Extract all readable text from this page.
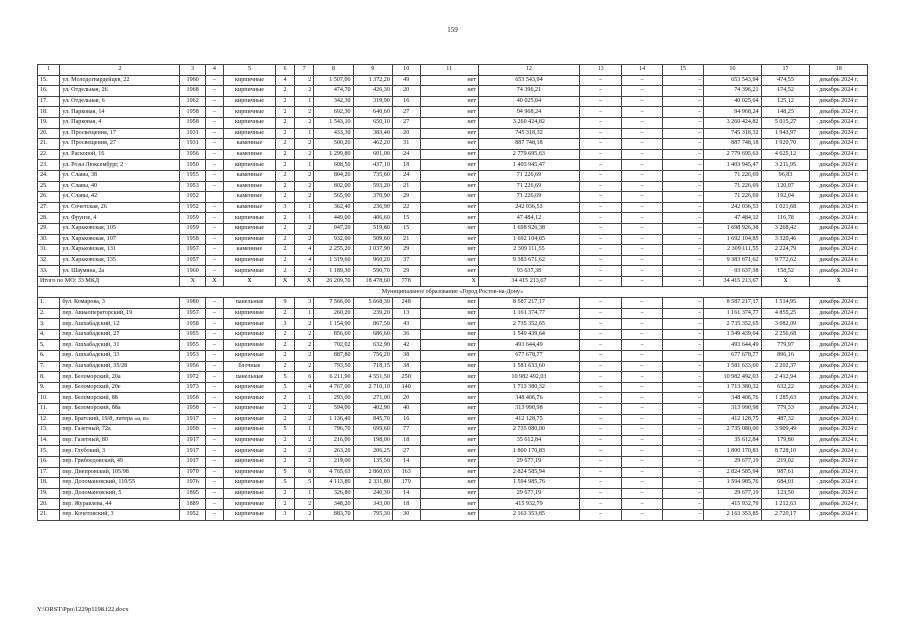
159
1	2	3	4	5	6	7	8	9	10	11	12	13	14	15	16	17	18
15.	ул. Молодогвардейцев, 22	1960	–	кирпичные	4	2	1 507,00	1 372,20	49	нет	653 543,94	–	–	–	653 543,94	474,55	декабрь 2024 г.
16.	ул. Отдельная, 26	1968	–	кирпичные	2	2	474,70	426,30	20	нет	74 396,21	–	–	–	74 396,21	174,52	декабрь 2024 г.
17.	ул. Отдельная, 6	1962	–	кирпичные	2	1	342,30	319,90	16	нет	40 025,04	–	–	–	40 025,04	125,12	декабрь 2024 г.
18.	ул. Парковая, 14	1958	–	кирпичные	2	2	692,30	640,60	27	нет	94 968,24	–	–	–	94 968,24	148,25	декабрь 2024 г.
19.	ул. Парковая, 4	1958	–	кирпичные	2	2	1 543,10	650,10	27	нет	3 260 424,82	–	–	–	3 260 424,82	5 015,27	декабрь 2024 г.
20.	ул. Просвещения, 17	1931	–	кирпичные	2	1	433,30	383,40	20	нет	745 318,32	–	–	–	745 318,32	1 943,97	декабрь 2024 г.
21.	ул. Просвещения, 27	1931	–	каменные	2	2	500,20	462,20	31	нет	887 748,18	–	–	–	887 748,18	1 920,70	декабрь 2024 г.
22.	ул. Раскопой, 16	1956	–	каменные	2	2	1 299,80	601,00	24	нет	2 779 695,63	–	–	–	2 779 695,63	4 625,12	декабрь 2024 г.
23.	ул. Розы Люксембург, 2	1950	–	кирпичные	2	1	608,50	437,10	18	нет	1 403 945,47	–	–	–	1 403 945,47	3 211,95	декабрь 2024 г.
24.	ул. Славы, 38	1955	–	каменные	2	2	804,20	735,60	24	нет	71 226,69	–	–	–	71 226,69	96,83	декабрь 2024 г.
25.	ул. Славы, 40	1953	–	каменные	2	2	802,00	593,20	21	нет	71 226,69	–	–	–	71 226,69	120,07	декабрь 2024 г.
26.	ул. Славы, 42	1952		каменные	2	2	565,90	370,90	29	нет	71 226,69	–	–	–	71 226,69	192,04	декабрь 2024 г.
27.	ул. Сочетская, 26	1952	–	каменные	3	1	362,40	236,90	22	нет	242 036,53	–	–	–	242 036,53	1 021,68	декабрь 2024 г.
28.	ул. Фрунзе, 4	1959	–	кирпичные	2	1	449,00	406,60	15	нет	47 484,12	–	–	–	47 484,12	116,78	декабрь 2024 г.
29.	ул. Харьковская, 105	1959	–	кирпичные	2	2	947,20	519,80	15	нет	1 698 926,38	–	–	–	1 698 926,38	3 268,42	декабрь 2024 г.
30.	ул. Харьковская, 107	1958	–	кирпичные	2	2	932,00	509,60	21	нет	1 692 104,85	–	–	–	1 692 104,85	3 320,46	декабрь 2024 г.
31.	ул. Харьковская, 131	1957	–	каменные	2	4	2 255,20	1 037,90	29	нет	2 309 111,55	–	–	–	2 309 111,55	2 224,79	декабрь 2024 г.
32.	ул. Харьковская, 135	1957	–	кирпичные	2	4	1 319,60	960,20	37	нет	9 383 671,62	–	–	–	9 383 671,62	9 772,62	декабрь 2024 г.
33.	ул. Шаумяна, 2а	1960	–	кирпичные	2	2	1 189,30	590,70	29	нет	93 637,38	–	–	–	93 637,38	158,52	декабрь 2024 г.
Итого по МО: 33 МКД		X	X	X	X	X	26 209,70	18 478,60	778	X	34 415 213,67	–	–	–	34 415 213,67	X	X
Муниципальное образование «Город Ростов-на-Дону»																	
1.	бул. Комарова, 3	1980	–	панельные	9	3	7 566,00	5 668,30	248	нет	8 587 217,17	–	–	–	8 587 217,17	1 514,95	декабрь 2024 г.
2.	пер. Авиаоператорский, 19	1957	–	кирпичные	2	1	260,20	239,20	13	нет	1 161 374,77	–	–	–	1 161 374,77	4 855,25	декабрь 2024 г.
3.	пер. Ашхабадский, 12	1958	–	кирпичные	3	2	1 154,90	867,50	43	нет	2 735 352,65	–	–	–	2 735 352,65	3 082,09	декабрь 2024 г.
4.	пер. Ашхабадский, 27	1955	–	кирпичные	2	2	856,60	686,60	36	нет	1 549 439,64	–	–	–	1 549 439,64	2 256,68	декабрь 2024 г.
5.	пер. Ашхабадский, 31	1955	–	кирпичные	2	2	702,02	632,90	42	нет	493 644,49	–	–	–	493 644,49	779,97	декабрь 2024 г.
6.	пер. Ашхабадский, 33	1953	–	кирпичные	2	2	887,80	756,20	38	нет	677 678,77	–	–	–	677 678,77	896,16	декабрь 2024 г.
7.	пер. Ашхабадский, 35/28	1956	–	блочные	2	2	793,50	718,15	38	нет	1 581 633,60	–	–	–	1 581 633,60	2 202,37	декабрь 2024 г.
8.	пер. Беломорский, 20а	1972	–	панельные	5	6	6 211,90	4 551,50	250	нет	10 982 492,03	–	–	–	10 982 492,03	2 412,94	декабрь 2024 г.
9.	пер. Беломорский, 20е	1973	–	кирпичные	5	4	4 767,00	2 710,10	140	нет	1 713 380,32	–	–	–	1 713 380,32	632,22	декабрь 2024 г.
10.	пер. Беломорский, 88	1958	–	кирпичные	2	1	293,00	271,00	20	нет	348 406,76	–	–	–	348 406,76	1 285,63	декабрь 2024 г.
11.	пер. Беломорский, 88а	1958	–	кирпичные	2	2	594,00	402,90	40	нет	313 990,98	–	–	–	313 990,98	779,33	декабрь 2024 г.
12.	пер. Братский, 19/8, литера «а, в»	1917	–	кирпичные	2	2	1 136,40	845,70	16	нет	412 128,75	–	–	–	412 128,75	487,32	декабрь 2024 г.
13.	пер. Газетный, 72а	1958	–	кирпичные	5	1	796,70	699,60	77	нет	2 735 080,00	–	–	–	2 735 080,00	3 909,49	декабрь 2024 г.
14.	пер. Газетный, 80	1917	–	кирпичные	2	2	216,00	198,00	18	нет	35 612,84	–	–	–	35 612,84	179,86	декабрь 2024 г.
15.	пер. Глубокий, 3	1917	–	кирпичные	2	2	263,20	206,25	27	нет	1 800 170,83	–	–	–	1 800 170,83	8 728,10	декабрь 2024 г.
16.	пер. Грибоедовский, 49	1917	–	кирпичные	2	2	219,00	135,50	14	нет	29 677,19	–	–	–	29 677,19	219,02	декабрь 2024 г.
17.	пер. Днепровский, 105/98	1970	–	кирпичные	5	6	4 765,63	2 860,03	163	нет	2 824 585,94	–	–	–	2 824 585,94	987,61	декабрь 2024 г.
18.	пер. Доломановский, 110/55	1976	–	кирпичные	5	5	4 113,80	2 331,80	179	нет	1 594 985,76	–	–	–	1 594 985,76	684,01	декабрь 2024 г.
19.	пер. Доломановский, 5	1895	–	кирпичные	2	1	326,80	240,30	14	нет	29 677,19	–	–	–	29 677,19	123,50	декабрь 2024 г.
20.	пер. Журавлева, 44	1889	–	кирпичные	2	2	348,20	343,00	18	нет	415 932,79	–	–	–	415 932,79	1 212,63	декабрь 2024 г.
21.	пер. Кочетовский, 3	1952	–	кирпичные	3	2	883,70	795,30	30	нет	2 163 353,85	–	–	–	2 163 353,85	2 720,17	декабрь 2024 г.
Y:\ORST\Ppo\1229p1198.f22.docx
